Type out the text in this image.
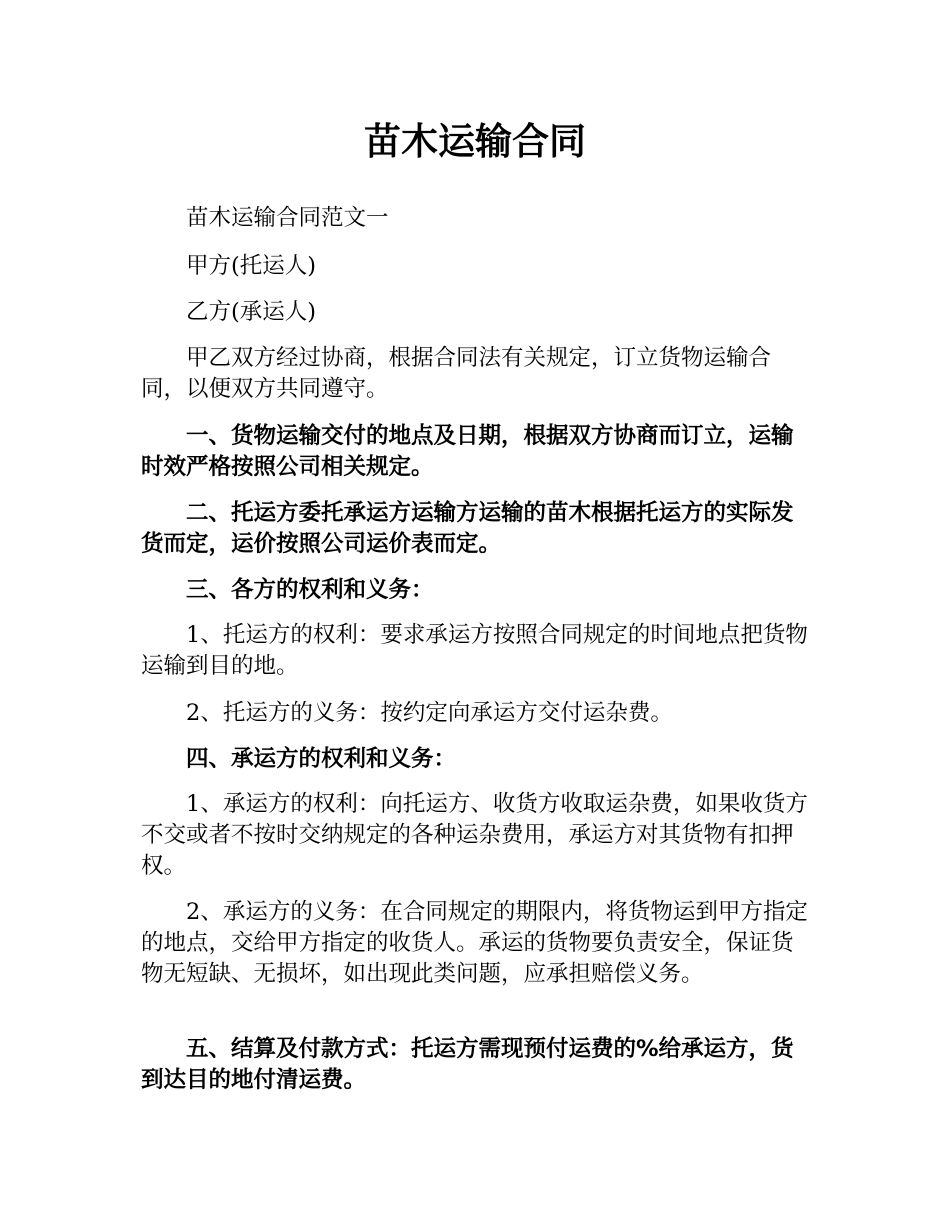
苗木运输合同

苗木运输合同范文一

甲方(托运人)

乙方(承运人)

甲乙双方经过协商，根据合同法有关规定，订立货物运输合同，以便双方共同遵守。

一、货物运输交付的地点及日期，根据双方协商而订立，运输时效严格按照公司相关规定。

二、托运方委托承运方运输方运输的苗木根据托运方的实际发货而定，运价按照公司运价表而定。

三、各方的权利和义务：

1、托运方的权利：要求承运方按照合同规定的时间地点把货物运输到目的地。

2、托运方的义务：按约定向承运方交付运杂费。

四、承运方的权利和义务：

1、承运方的权利：向托运方、收货方收取运杂费，如果收货方不交或者不按时交纳规定的各种运杂费用，承运方对其货物有扣押权。

2、承运方的义务：在合同规定的期限内，将货物运到甲方指定的地点，交给甲方指定的收货人。承运的货物要负责安全，保证货物无短缺、无损坏，如出现此类问题，应承担赔偿义务。

五、结算及付款方式：托运方需现预付运费的%给承运方，货到达目的地付清运费。
